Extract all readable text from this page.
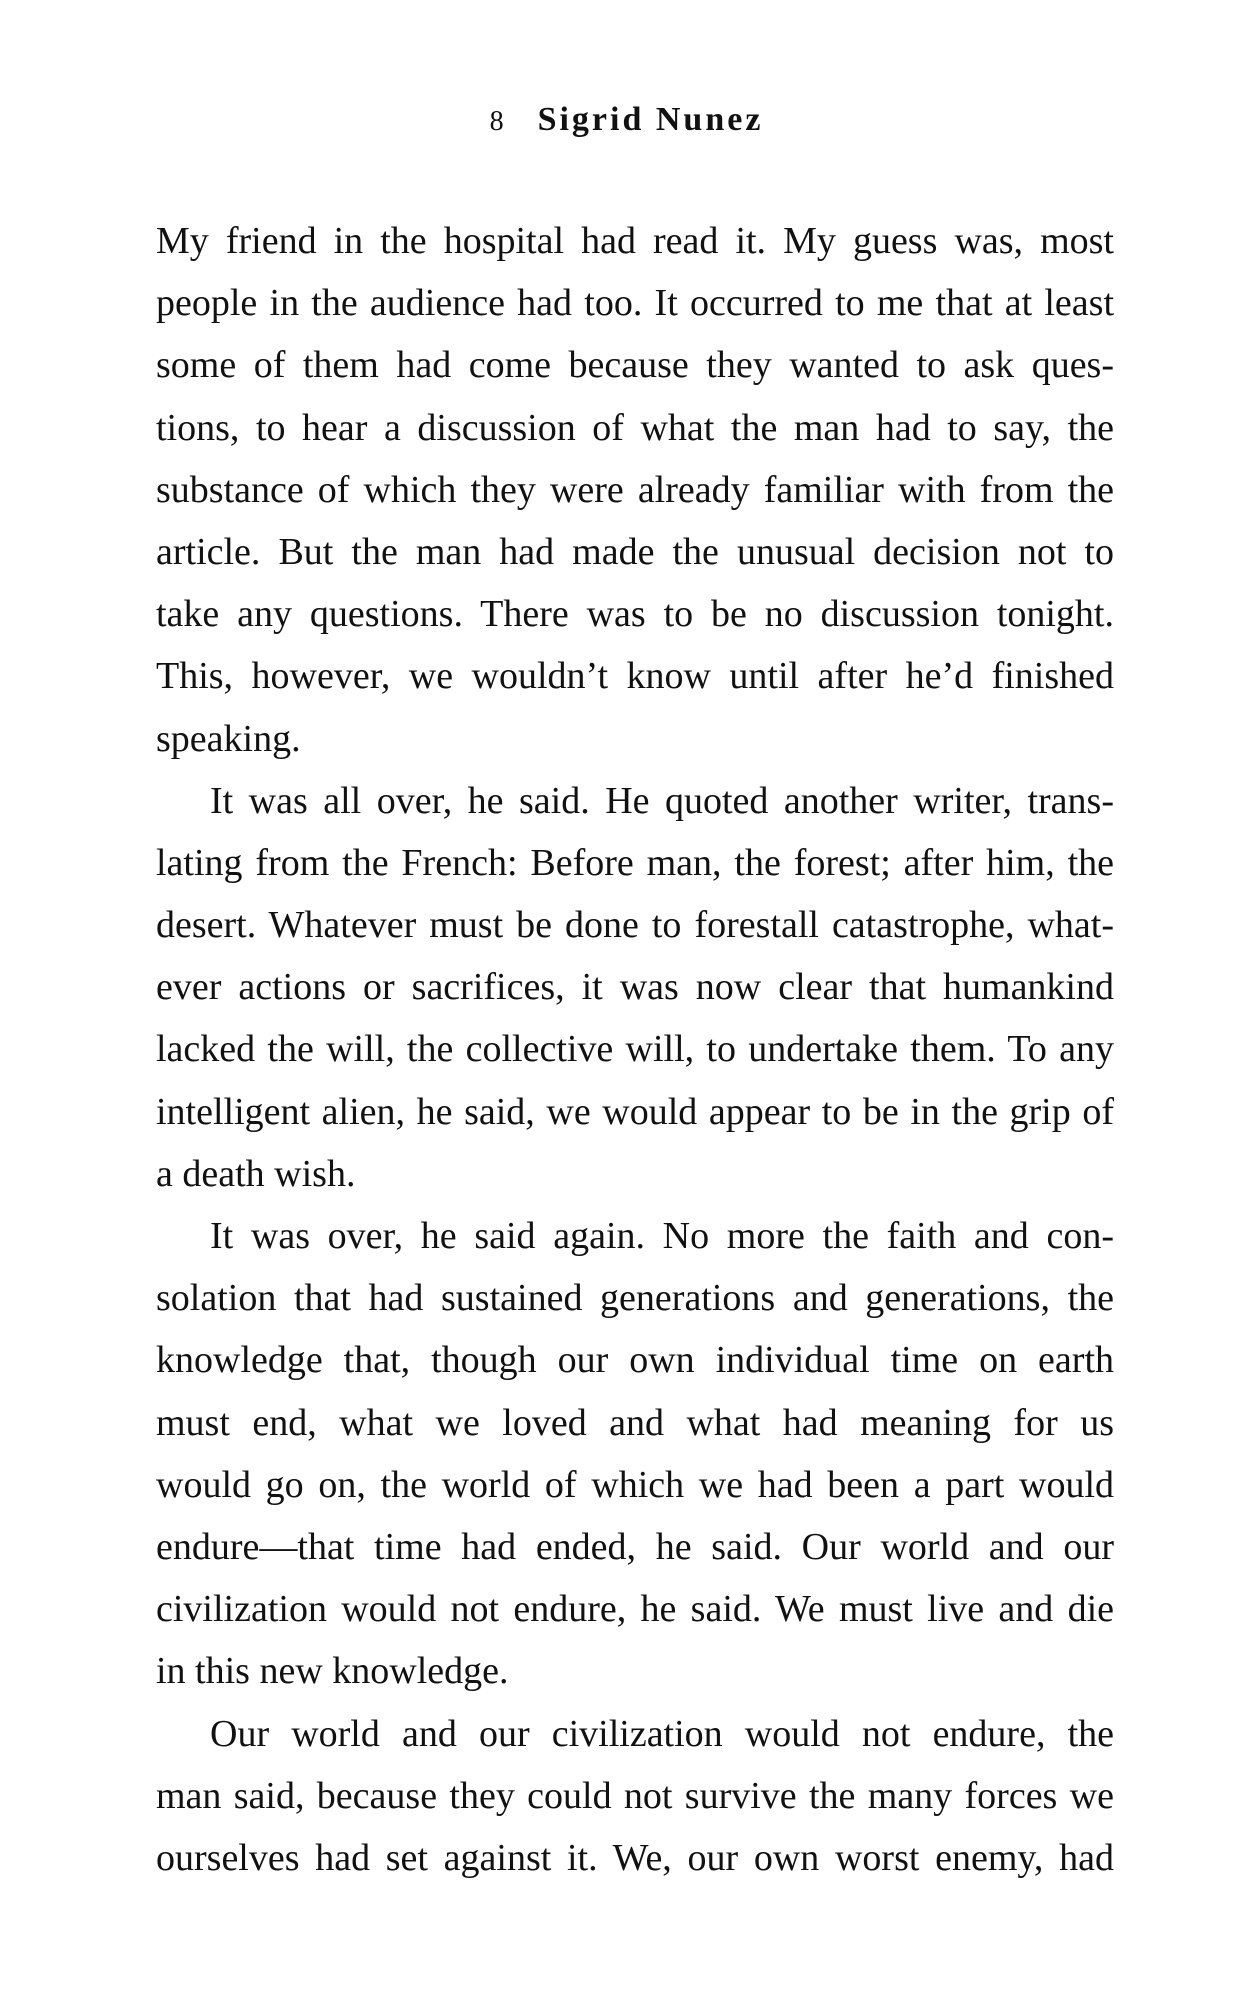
8 Sigrid Nunez
My friend in the hospital had read it. My guess was, most
people in the audience had too. It occurred to me that at least
some of them had come because they wanted to ask ques-
tions, to hear a discussion of what the man had to say, the
substance of which they were already familiar with from the
article. But the man had made the unusual decision not to
take any questions. There was to be no discussion tonight.
This, however, we wouldn’t know until after he’d finished
speaking.
It was all over, he said. He quoted another writer, trans-
lating from the French: Before man, the forest; after him, the
desert. Whatever must be done to forestall catastrophe, what-
ever actions or sacrifices, it was now clear that humankind
lacked the will, the collective will, to undertake them. To any
intelligent alien, he said, we would appear to be in the grip of
a death wish.
It was over, he said again. No more the faith and con-
solation that had sustained generations and generations, the
knowledge that, though our own individual time on earth
must end, what we loved and what had meaning for us
would go on, the world of which we had been a part would
endure—that time had ended, he said. Our world and our
civilization would not endure, he said. We must live and die
in this new knowledge.
Our world and our civilization would not endure, the
man said, because they could not survive the many forces we
ourselves had set against it. We, our own worst enemy, had
